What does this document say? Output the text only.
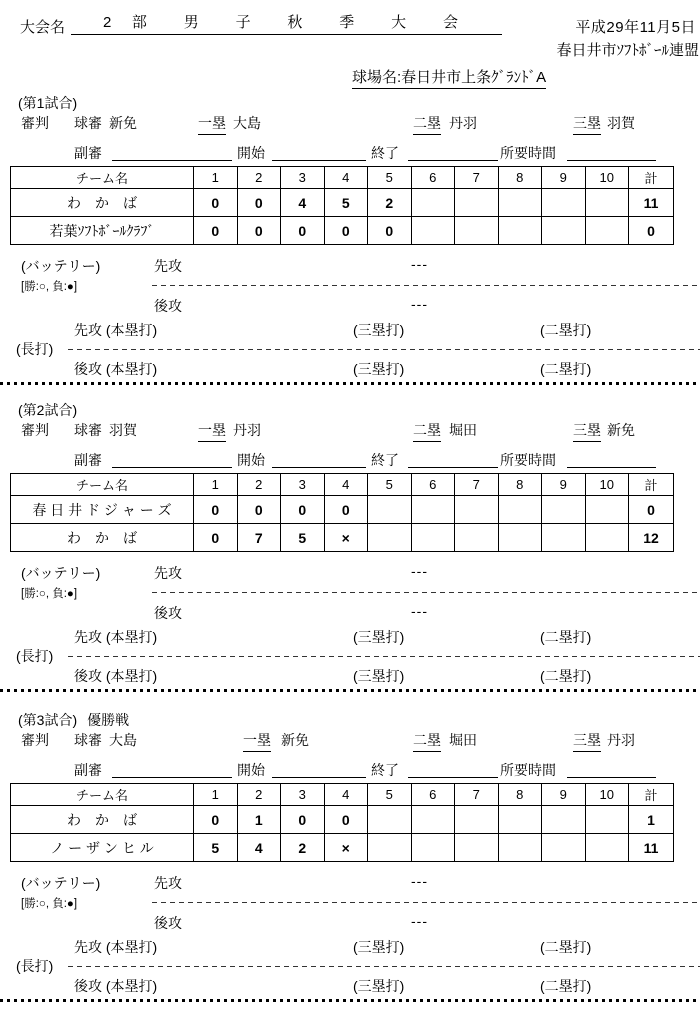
大会名	2 部 男 子 秋 季 大 会	平成29年11月5日
春日井市ｿﾌﾄﾎﾞｰﾙ連盟
球場名:春日井市上条ｸﾞﾗﾝﾄﾞA
(第1試合)
審判 球審 新免	一塁 大島	二塁 丹羽	三塁 羽賀
副審	開始	終了	所要時間
チーム名	1	2	3	4	5	6	7	8	9	10	計
わ　か　ば	0	0	4	5	2						11
若葉ｿﾌﾄﾎﾞｰﾙｸﾗﾌﾞ	0	0	0	0	0						0
(バッテリー)	先攻	---
[勝:○, 負:●]
後攻	---
先攻 (本塁打)	(三塁打)	(二塁打)
(長打)
後攻 (本塁打)	(三塁打)	(二塁打)
(第2試合)
審判 球審 羽賀	一塁 丹羽	二塁 堀田	三塁 新免
副審	開始	終了	所要時間
チーム名	1	2	3	4	5	6	7	8	9	10	計
春 日 井 ド ジ ャ ー ズ	0	0	0	0							0
わ　か　ば	0	7	5	×							12
(バッテリー)	先攻	---
[勝:○, 負:●]
後攻	---
先攻 (本塁打)	(三塁打)	(二塁打)
(長打)
後攻 (本塁打)	(三塁打)	(二塁打)
(第3試合) 優勝戦
審判 球審 大島	一塁 新免	二塁 堀田	三塁 丹羽
副審	開始	終了	所要時間
チーム名	1	2	3	4	5	6	7	8	9	10	計
わ　か　ば	0	1	0	0							1
ノ ー ザ ン ヒ ル	5	4	2	×							11
(バッテリー)	先攻	---
[勝:○, 負:●]
後攻	---
先攻 (本塁打)	(三塁打)	(二塁打)
(長打)
後攻 (本塁打)	(三塁打)	(二塁打)
